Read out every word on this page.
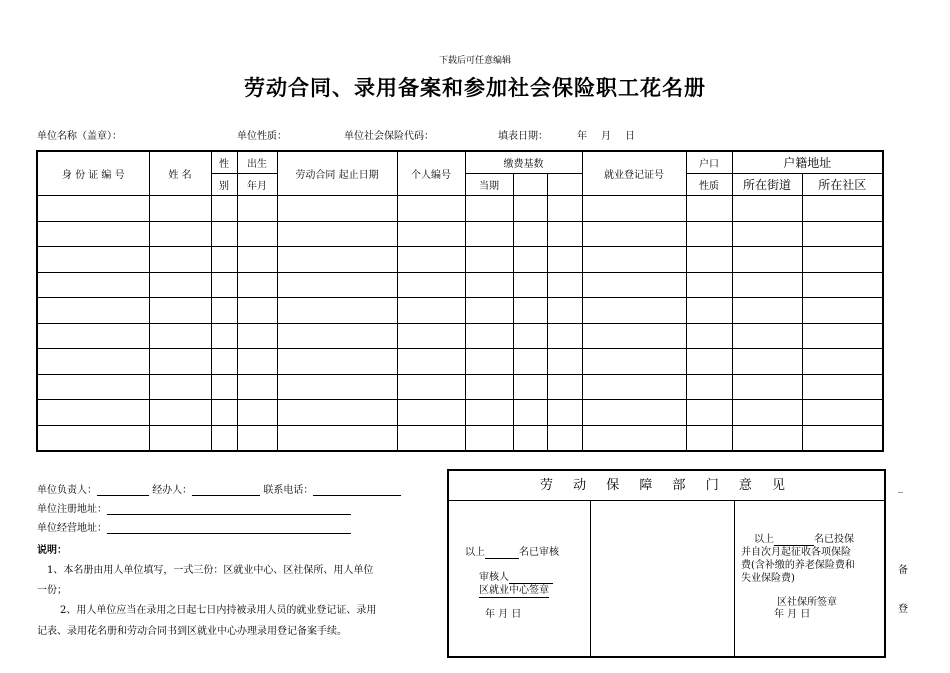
下载后可任意编辑
劳动合同、录用备案和参加社会保险职工花名册
单位名称（盖章）：	单位性质：	单位社会保险代码：	填表日期：	年 月 日
身 份 证 编 号	姓 名	性	出生	劳动合同 起止日期	个人编号	缴费基数			就业登记证号	户口	户籍地址	
		别	年月			当期				性质	所在街道	所在社区

单位负责人：	经办人：	联系电话：
单位注册地址：
单位经营地址：
说明：
1、本名册由用人单位填写，一式三份：区就业中心、区社保所、用人单位
一份；
2、用人单位应当在录用之日起七日内持被录用人员的就业登记证、录用
记表、录用花名册和劳动合同书到区就业中心办理录用登记备案手续。
劳 动 保 障 部 门 意 见
以上	名已审核
审核人
区就业中心签章
年 月 日
以上	名已投保
并自次月起征收各项保险
费(含补缴的养老保险费和
失业保险费)
区社保所签章
年 月 日
_
备
登
